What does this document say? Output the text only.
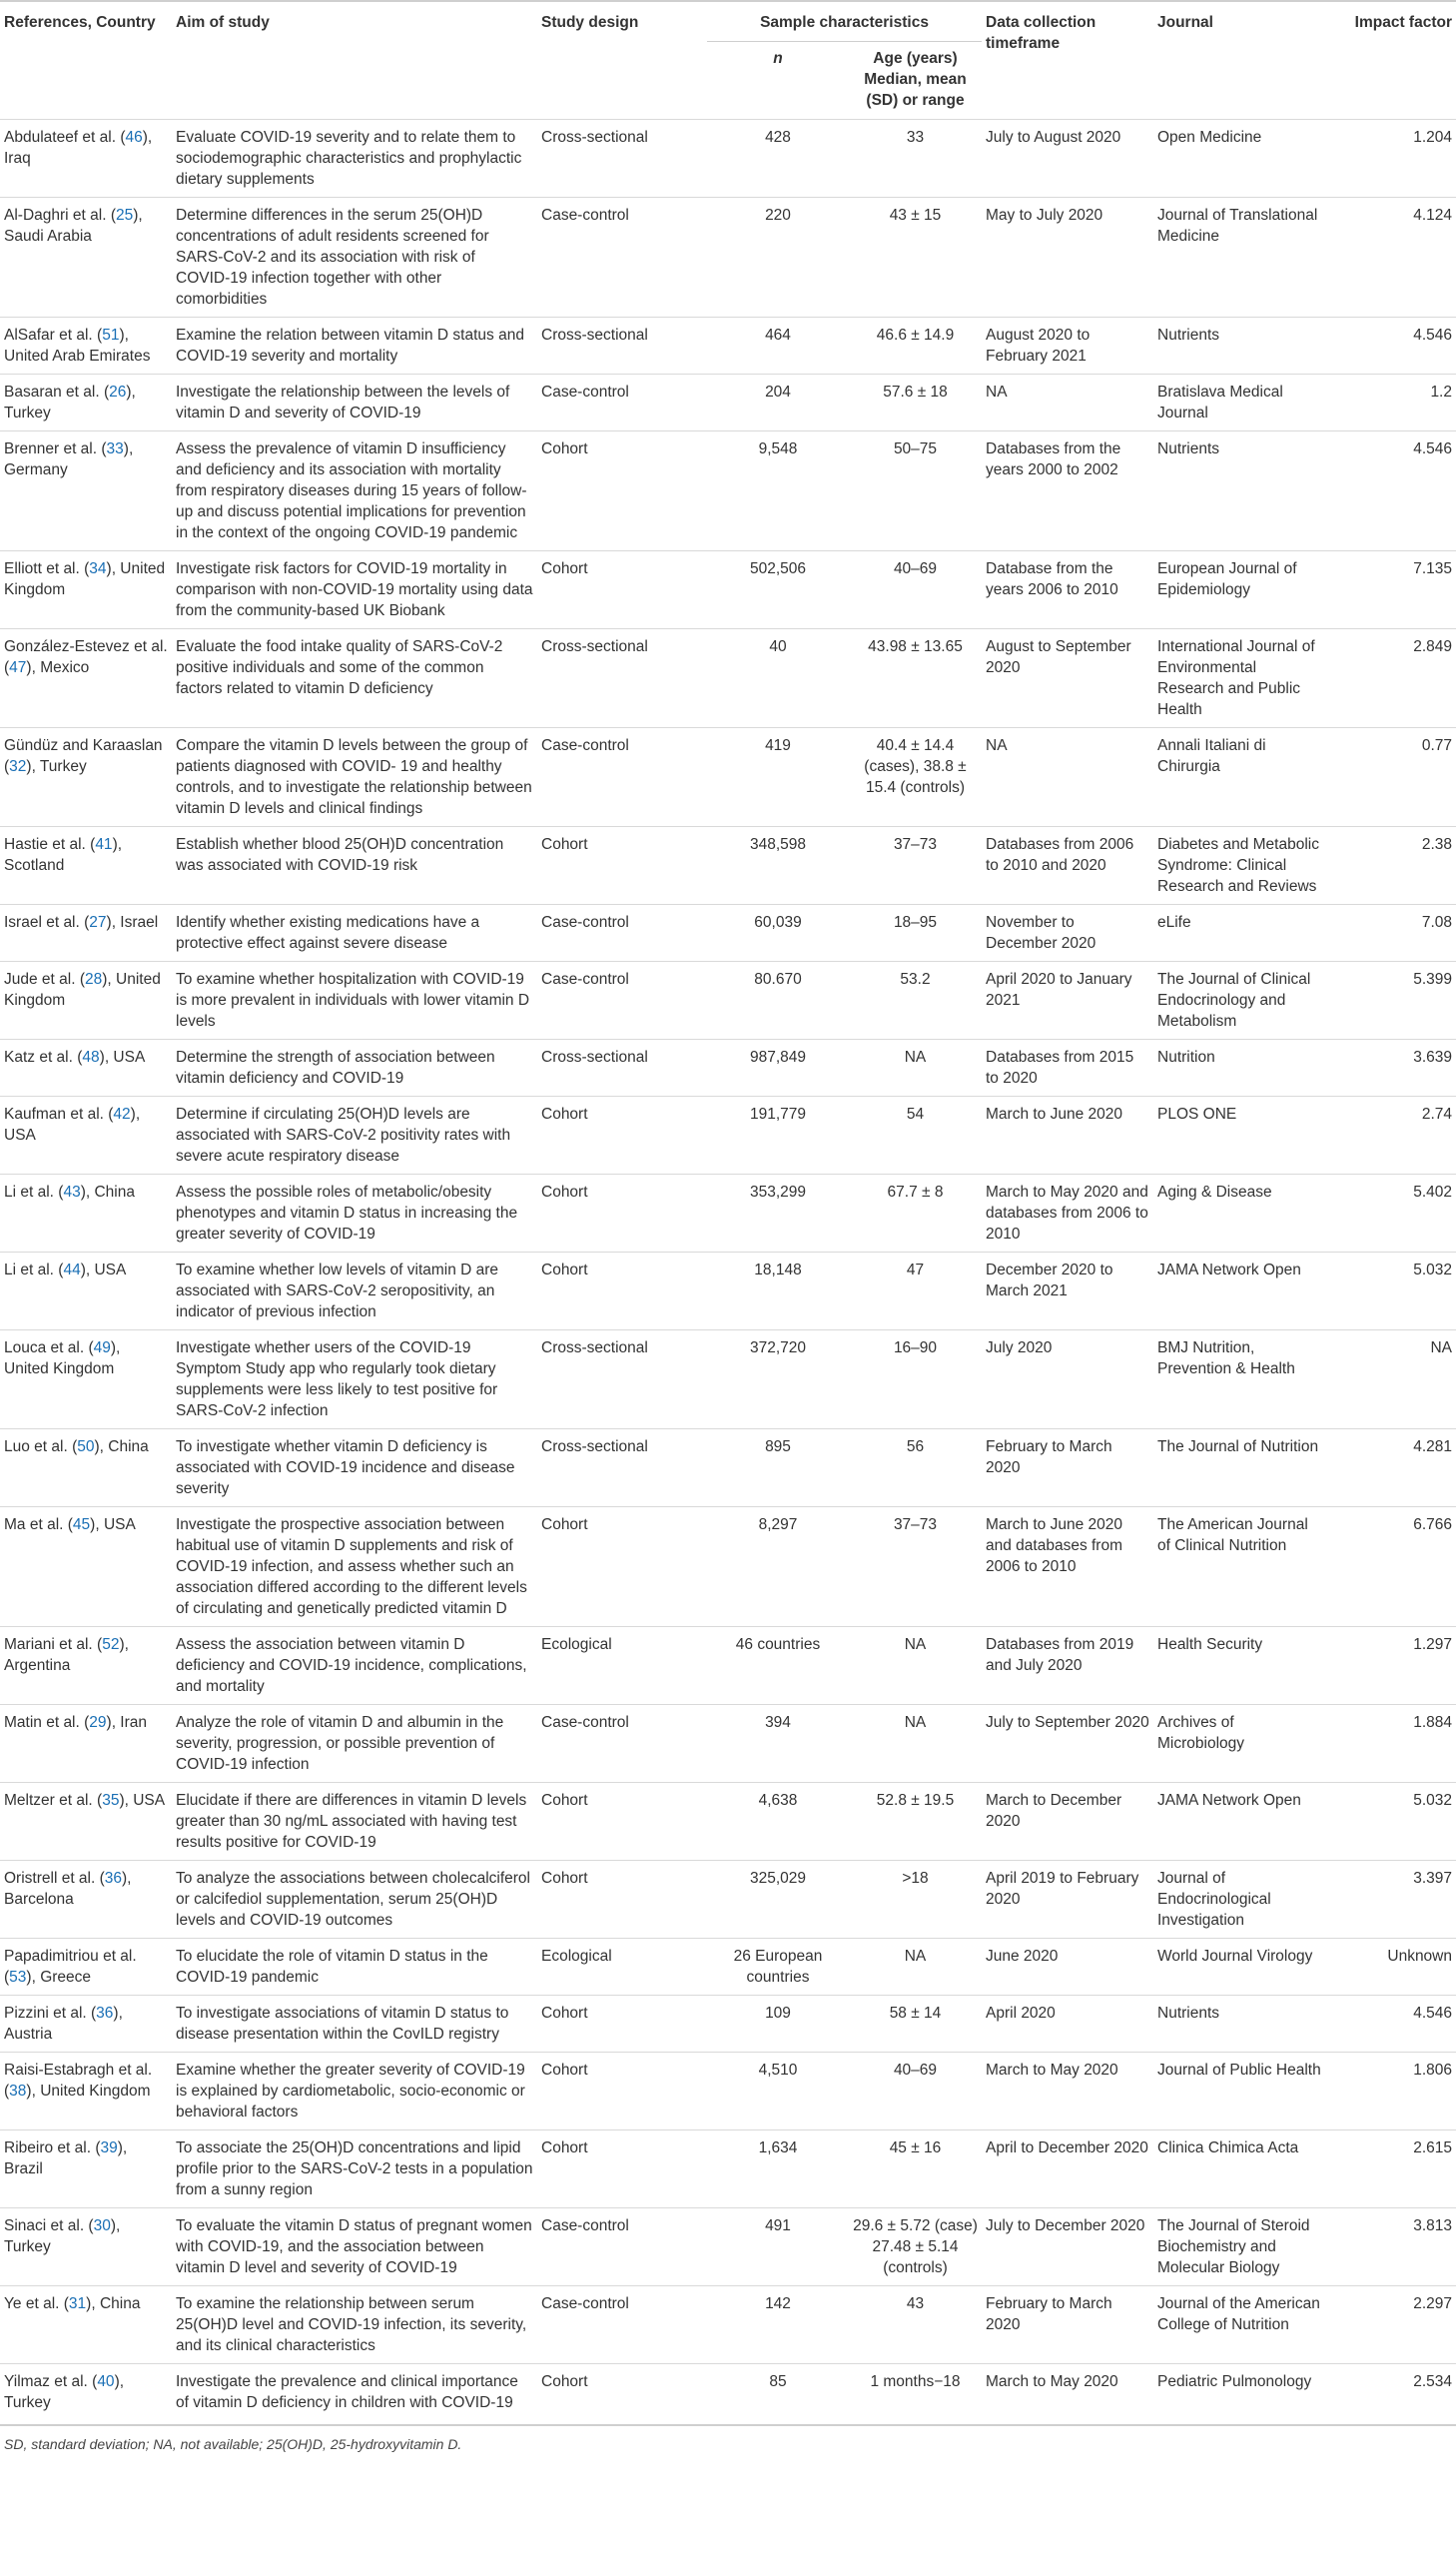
References, Country	Aim of study	Study design	Sample characteristics		Data collection timeframe	Journal	Impact factor
			n	Age (years) Median, mean (SD) or range			
Abdulateef et al. (46), Iraq	Evaluate COVID-19 severity and to relate them to sociodemographic characteristics and prophylactic dietary supplements	Cross-sectional	428	33	July to August 2020	Open Medicine	1.204
Al-Daghri et al. (25), Saudi Arabia	Determine differences in the serum 25(OH)D concentrations of adult residents screened for SARS-CoV-2 and its association with risk of COVID-19 infection together with other comorbidities	Case-control	220	43 ± 15	May to July 2020	Journal of Translational Medicine	4.124
AlSafar et al. (51), United Arab Emirates	Examine the relation between vitamin D status and COVID-19 severity and mortality	Cross-sectional	464	46.6 ± 14.9	August 2020 to February 2021	Nutrients	4.546
Basaran et al. (26), Turkey	Investigate the relationship between the levels of vitamin D and severity of COVID-19	Case-control	204	57.6 ± 18	NA	Bratislava Medical Journal	1.2
Brenner et al. (33), Germany	Assess the prevalence of vitamin D insufficiency and deficiency and its association with mortality from respiratory diseases during 15 years of follow-up and discuss potential implications for prevention in the context of the ongoing COVID-19 pandemic	Cohort	9,548	50–75	Databases from the years 2000 to 2002	Nutrients	4.546
Elliott et al. (34), United Kingdom	Investigate risk factors for COVID-19 mortality in comparison with non-COVID-19 mortality using data from the community-based UK Biobank	Cohort	502,506	40–69	Database from the years 2006 to 2010	European Journal of Epidemiology	7.135
González-Estevez et al. (47), Mexico	Evaluate the food intake quality of SARS-CoV-2 positive individuals and some of the common factors related to vitamin D deficiency	Cross-sectional	40	43.98 ± 13.65	August to September 2020	International Journal of Environmental Research and Public Health	2.849
Gündüz and Karaaslan (32), Turkey	Compare the vitamin D levels between the group of patients diagnosed with COVID- 19 and healthy controls, and to investigate the relationship between vitamin D levels and clinical findings	Case-control	419	40.4 ± 14.4 (cases), 38.8 ± 15.4 (controls)	NA	Annali Italiani di Chirurgia	0.77
Hastie et al. (41), Scotland	Establish whether blood 25(OH)D concentration was associated with COVID-19 risk	Cohort	348,598	37–73	Databases from 2006 to 2010 and 2020	Diabetes and Metabolic Syndrome: Clinical Research and Reviews	2.38
Israel et al. (27), Israel	Identify whether existing medications have a protective effect against severe disease	Case-control	60,039	18–95	November to December 2020	eLife	7.08
Jude et al. (28), United Kingdom	To examine whether hospitalization with COVID-19 is more prevalent in individuals with lower vitamin D levels	Case-control	80.670	53.2	April 2020 to January 2021	The Journal of Clinical Endocrinology and Metabolism	5.399
Katz et al. (48), USA	Determine the strength of association between vitamin deficiency and COVID-19	Cross-sectional	987,849	NA	Databases from 2015 to 2020	Nutrition	3.639
Kaufman et al. (42), USA	Determine if circulating 25(OH)D levels are associated with SARS-CoV-2 positivity rates with severe acute respiratory disease	Cohort	191,779	54	March to June 2020	PLOS ONE	2.74
Li et al. (43), China	Assess the possible roles of metabolic/obesity phenotypes and vitamin D status in increasing the greater severity of COVID-19	Cohort	353,299	67.7 ± 8	March to May 2020 and databases from 2006 to 2010	Aging & Disease	5.402
Li et al. (44), USA	To examine whether low levels of vitamin D are associated with SARS-CoV-2 seropositivity, an indicator of previous infection	Cohort	18,148	47	December 2020 to March 2021	JAMA Network Open	5.032
Louca et al. (49), United Kingdom	Investigate whether users of the COVID-19 Symptom Study app who regularly took dietary supplements were less likely to test positive for SARS-CoV-2 infection	Cross-sectional	372,720	16–90	July 2020	BMJ Nutrition, Prevention & Health	NA
Luo et al. (50), China	To investigate whether vitamin D deficiency is associated with COVID-19 incidence and disease severity	Cross-sectional	895	56	February to March 2020	The Journal of Nutrition	4.281
Ma et al. (45), USA	Investigate the prospective association between habitual use of vitamin D supplements and risk of COVID-19 infection, and assess whether such an association differed according to the different levels of circulating and genetically predicted vitamin D	Cohort	8,297	37–73	March to June 2020 and databases from 2006 to 2010	The American Journal of Clinical Nutrition	6.766
Mariani et al. (52), Argentina	Assess the association between vitamin D deficiency and COVID-19 incidence, complications, and mortality	Ecological	46 countries	NA	Databases from 2019 and July 2020	Health Security	1.297
Matin et al. (29), Iran	Analyze the role of vitamin D and albumin in the severity, progression, or possible prevention of COVID-19 infection	Case-control	394	NA	July to September 2020	Archives of Microbiology	1.884
Meltzer et al. (35), USA	Elucidate if there are differences in vitamin D levels greater than 30 ng/mL associated with having test results positive for COVID-19	Cohort	4,638	52.8 ± 19.5	March to December 2020	JAMA Network Open	5.032
Oristrell et al. (36), Barcelona	To analyze the associations between cholecalciferol or calcifediol supplementation, serum 25(OH)D levels and COVID-19 outcomes	Cohort	325,029	>18	April 2019 to February 2020	Journal of Endocrinological Investigation	3.397
Papadimitriou et al. (53), Greece	To elucidate the role of vitamin D status in the COVID-19 pandemic	Ecological	26 European countries	NA	June 2020	World Journal Virology	Unknown
Pizzini et al. (36), Austria	To investigate associations of vitamin D status to disease presentation within the CovILD registry	Cohort	109	58 ± 14	April 2020	Nutrients	4.546
Raisi-Estabragh et al. (38), United Kingdom	Examine whether the greater severity of COVID-19 is explained by cardiometabolic, socio-economic or behavioral factors	Cohort	4,510	40–69	March to May 2020	Journal of Public Health	1.806
Ribeiro et al. (39), Brazil	To associate the 25(OH)D concentrations and lipid profile prior to the SARS-CoV-2 tests in a population from a sunny region	Cohort	1,634	45 ± 16	April to December 2020	Clinica Chimica Acta	2.615
Sinaci et al. (30), Turkey	To evaluate the vitamin D status of pregnant women with COVID-19, and the association between vitamin D level and severity of COVID-19	Case-control	491	29.6 ± 5.72 (case) 27.48 ± 5.14 (controls)	July to December 2020	The Journal of Steroid Biochemistry and Molecular Biology	3.813
Ye et al. (31), China	To examine the relationship between serum 25(OH)D level and COVID-19 infection, its severity, and its clinical characteristics	Case-control	142	43	February to March 2020	Journal of the American College of Nutrition	2.297
Yilmaz et al. (40), Turkey	Investigate the prevalence and clinical importance of vitamin D deficiency in children with COVID-19	Cohort	85	1 months−18	March to May 2020	Pediatric Pulmonology	2.534
SD, standard deviation; NA, not available; 25(OH)D, 25-hydroxyvitamin D.
